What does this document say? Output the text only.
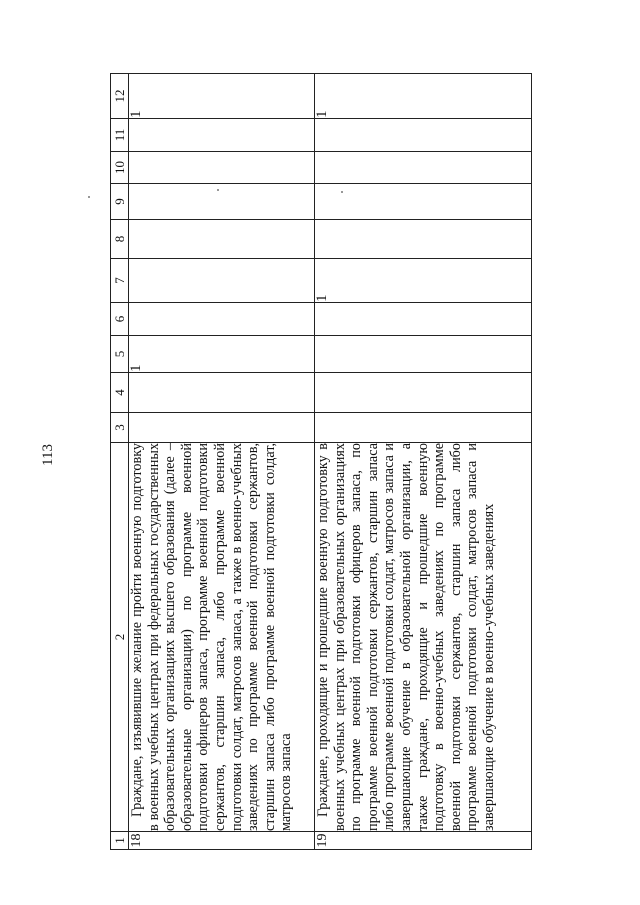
113
1	2	3	4	5	6	7	8	9	10	11	12
18	Граждане, изъявившие желание пройти военную подготовку в военных учебных центрах при федеральных государственных образовательных организациях высшего образования (далее – образовательные организации) по программе военной подготовки офицеров запаса, программе военной подготовки сержантов, старшин запаса, либо программе военной подготовки солдат, матросов запаса, а также в военно-учебных заведениях по программе военной подготовки сержантов, старшин запаса либо программе военной подготовки солдат, матросов запаса			1							1
19	Граждане, проходящие и прошедшие военную подготовку в военных учебных центрах при образовательных организациях по программе военной подготовки офицеров запаса, по программе военной подготовки сержантов, старшин запаса либо программе военной подготовки солдат, матросов запаса и завершающие обучение в образовательной организации, а также граждане, проходящие и прошедшие военную подготовку в военно-учебных заведениях по программе военной подготовки сержантов, старшин запаса либо программе военной подготовки солдат, матросов запаса и завершающие обучение в военно-учебных заведениях					1					1
